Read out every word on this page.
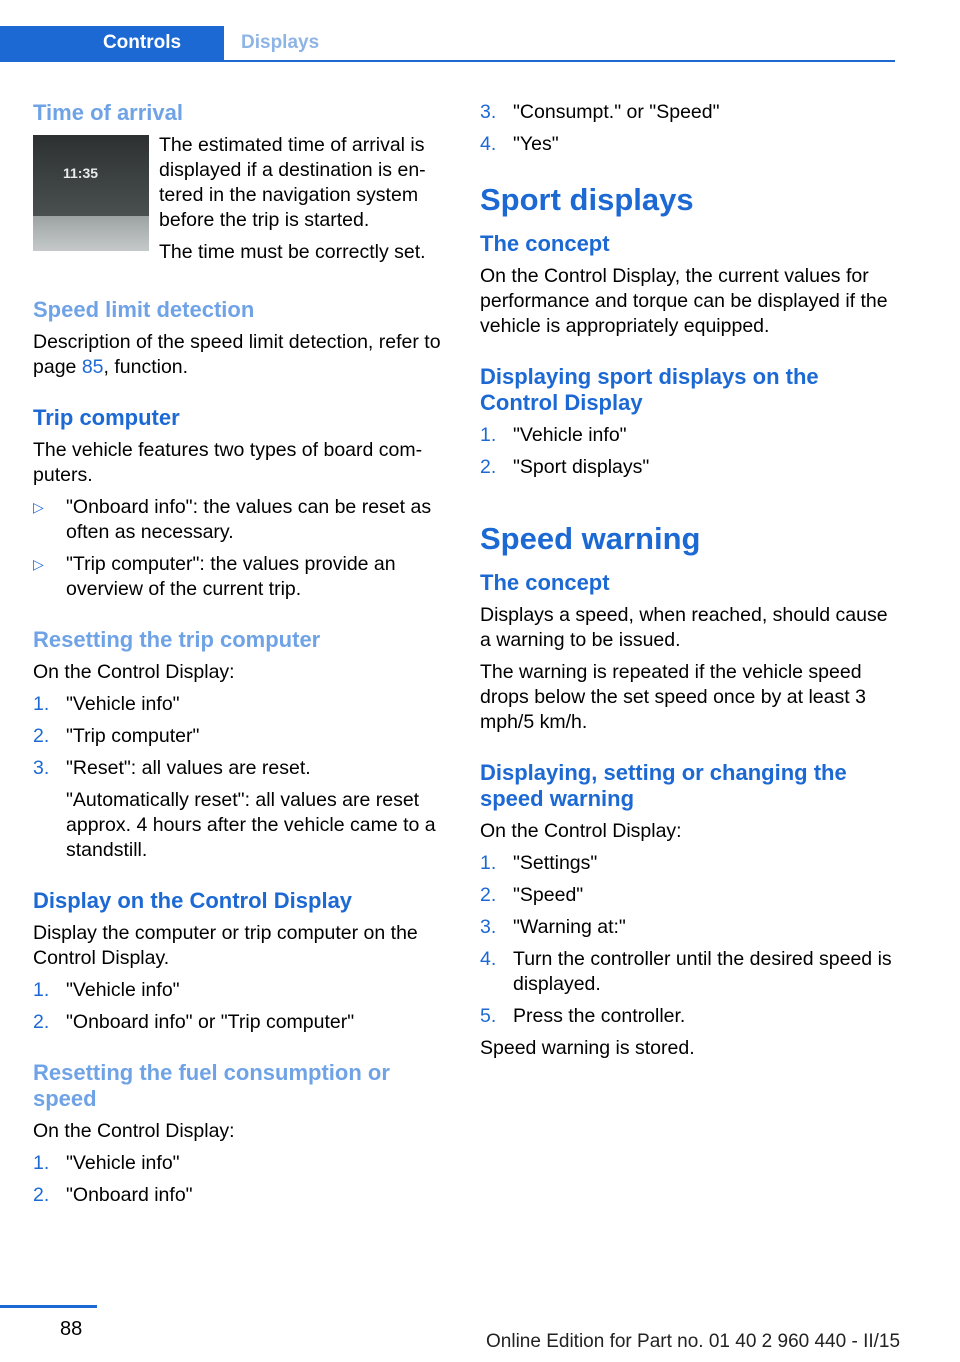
Controls	Displays
Time of arrival
11:35

The estimated time of arrival is displayed if a destination is en‐tered in the navigation system before the trip is started.

The time must be correctly set.

Speed limit detection

Description of the speed limit detection, refer to page 85, function.

Trip computer

The vehicle features two types of board com‐puters.

▷ "Onboard info": the values can be reset as often as necessary.
▷ "Trip computer": the values provide an overview of the current trip.
Resetting the trip computer

On the Control Display:

1. "Vehicle info"
2. "Trip computer"
3. "Reset": all values are reset.

"Automatically reset": all values are reset approx. 4 hours after the vehicle came to a standstill.

Display on the Control Display

Display the computer or trip computer on the Control Display.

1. "Vehicle info"
2. "Onboard info" or "Trip computer"
Resetting the fuel consumption or speed

On the Control Display:

1. "Vehicle info"
2. "Onboard info"
3. "Consumpt." or "Speed"
4. "Yes"
Sport displays
The concept

On the Control Display, the current values for performance and torque can be displayed if the vehicle is appropriately equipped.

Displaying sport displays on the Control Display
1. "Vehicle info"
2. "Sport displays"
Speed warning
The concept

Displays a speed, when reached, should cause a warning to be issued.

The warning is repeated if the vehicle speed drops below the set speed once by at least 3 mph/5 km/h.

Displaying, setting or changing the speed warning

On the Control Display:

1. "Settings"
2. "Speed"
3. "Warning at:"
4. Turn the controller until the desired speed is displayed.
5. Press the controller.

Speed warning is stored.

88
Online Edition for Part no. 01 40 2 960 440 - II/15
